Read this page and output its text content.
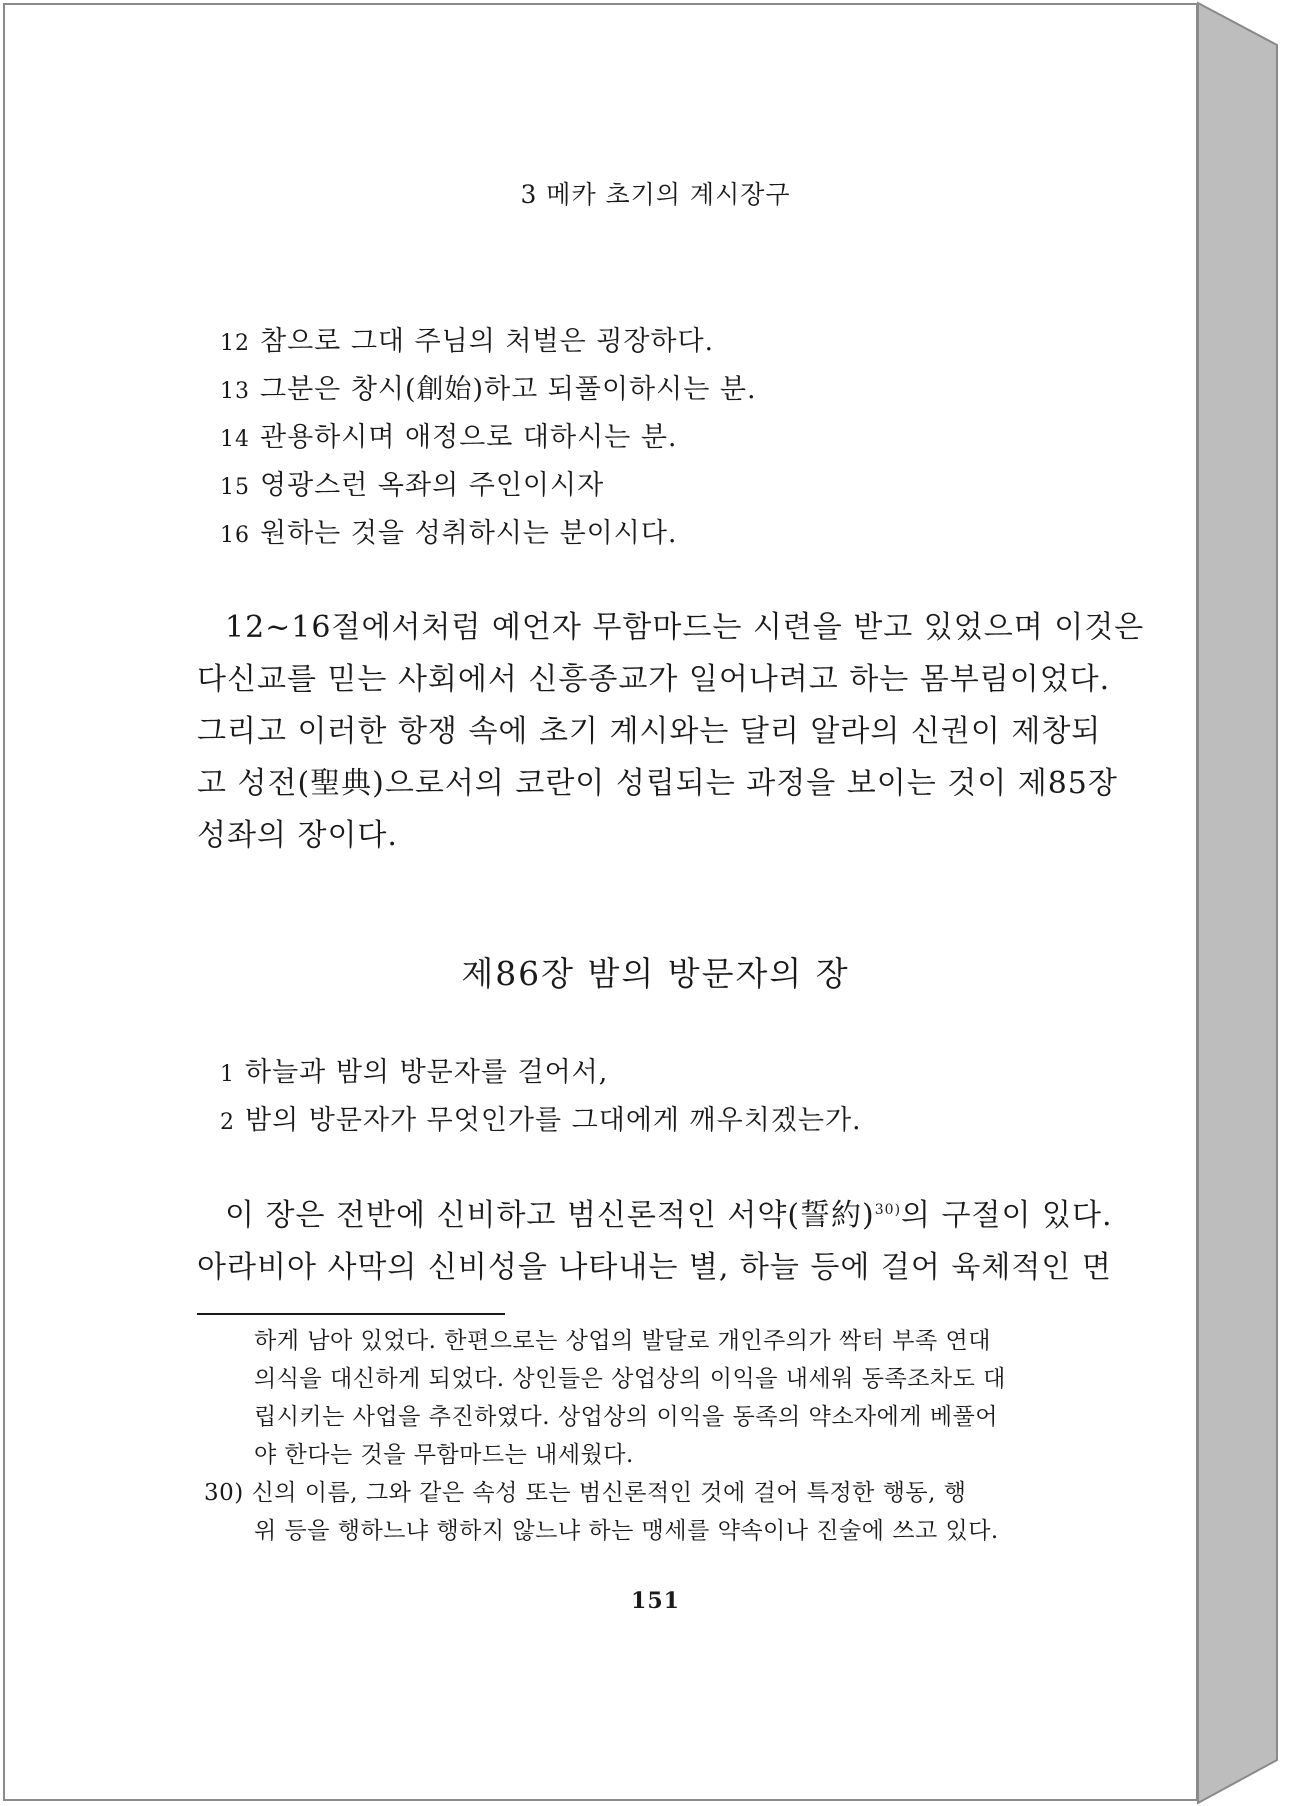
3 메카 초기의 계시장구
12 참으로 그대 주님의 처벌은 굉장하다.
13 그분은 창시(創始)하고 되풀이하시는 분.
14 관용하시며 애정으로 대하시는 분.
15 영광스런 옥좌의 주인이시자
16 원하는 것을 성취하시는 분이시다.
12~16절에서처럼 예언자 무함마드는 시련을 받고 있었으며 이것은
다신교를 믿는 사회에서 신흥종교가 일어나려고 하는 몸부림이었다.
그리고 이러한 항쟁 속에 초기 계시와는 달리 알라의 신권이 제창되
고 성전(聖典)으로서의 코란이 성립되는 과정을 보이는 것이 제85장
성좌의 장이다.
제86장 밤의 방문자의 장
1 하늘과 밤의 방문자를 걸어서,
2 밤의 방문자가 무엇인가를 그대에게 깨우치겠는가.
이 장은 전반에 신비하고 범신론적인 서약(誓約)$^{30)}$의 구절이 있다.
아라비아 사막의 신비성을 나타내는 별, 하늘 등에 걸어 육체적인 면
하게 남아 있었다. 한편으로는 상업의 발달로 개인주의가 싹터 부족 연대
의식을 대신하게 되었다. 상인들은 상업상의 이익을 내세워 동족조차도 대
립시키는 사업을 추진하였다. 상업상의 이익을 동족의 약소자에게 베풀어
야 한다는 것을 무함마드는 내세웠다.
30) 신의 이름, 그와 같은 속성 또는 범신론적인 것에 걸어 특정한 행동, 행
위 등을 행하느냐 행하지 않느냐 하는 맹세를 약속이나 진술에 쓰고 있다.
151
